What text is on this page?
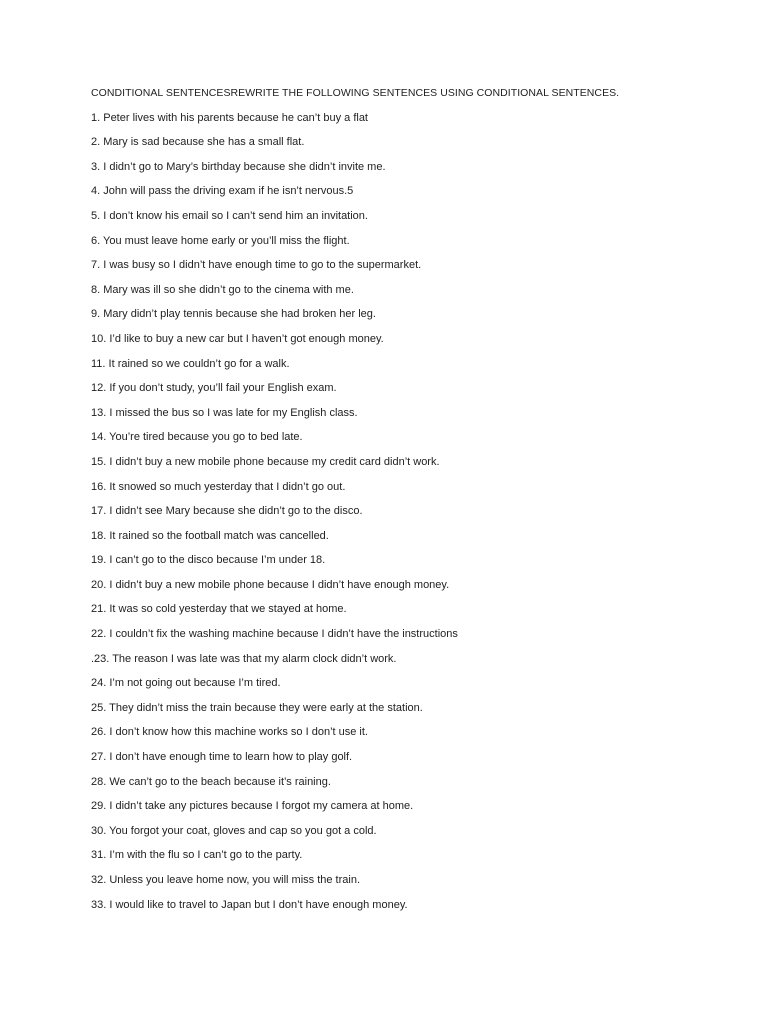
CONDITIONAL SENTENCESREWRITE THE FOLLOWING SENTENCES USING CONDITIONAL SENTENCES.
1. Peter lives with his parents because he can’t buy a flat
2. Mary is sad because she has a small flat.
3. I didn’t go to Mary’s birthday because she didn’t invite me.
4. John will pass the driving exam if he isn’t nervous.5
5. I don’t know his email so I can’t send him an invitation.
6. You must leave home early or you’ll miss the flight.
7. I was busy so I didn’t have enough time to go to the supermarket.
8. Mary was ill so she didn’t go to the cinema with me.
9. Mary didn’t play tennis because she had broken her leg.
10. I’d like to buy a new car but I haven’t got enough money.
11. It rained so we couldn’t go for a walk.
12. If you don’t study, you’ll fail your English exam.
13. I missed the bus so I was late for my English class.
14. You’re tired because you go to bed late.
15. I didn’t buy a new mobile phone because my credit card didn’t work.
16. It snowed so much yesterday that I didn’t go out.
17. I didn’t see Mary because she didn’t go to the disco.
18. It rained so the football match was cancelled.
19. I can’t go to the disco because I’m under 18.
20. I didn’t buy a new mobile phone because I didn’t have enough money.
21. It was so cold yesterday that we stayed at home.
22. I couldn’t fix the washing machine because I didn’t have the instructions
.23. The reason I was late was that my alarm clock didn’t work.
24. I’m not going out because I’m tired.
25. They didn’t miss the train because they were early at the station.
26. I don’t know how this machine works so I don’t use it.
27. I don’t have enough time to learn how to play golf.
28. We can’t go to the beach because it’s raining.
29. I didn’t take any pictures because I forgot my camera at home.
30. You forgot your coat, gloves and cap so you got a cold.
31. I’m with the flu so I can’t go to the party.
32. Unless you leave home now, you will miss the train.
33. I would like to travel to Japan but I don’t have enough money.
